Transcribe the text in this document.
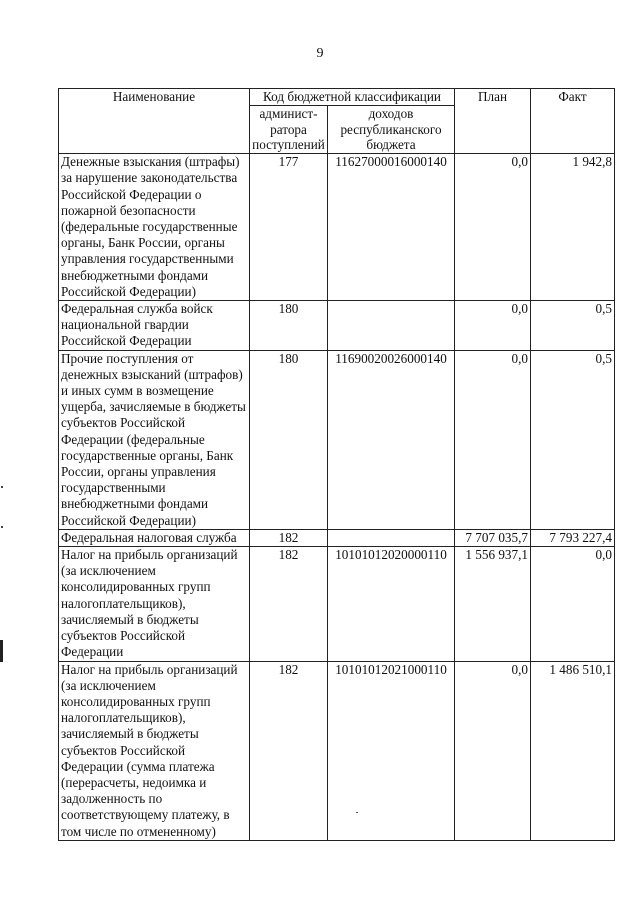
9
Наименование	Код бюджетной классификации		План	Факт
	админист-ратора поступлений	доходов республиканского бюджета		
Денежные взыскания (штрафы) за нарушение законодательства Российской Федерации о пожарной безопасности (федеральные государственные органы, Банк России, органы управления государственными внебюджетными фондами Российской Федерации)	177	11627000016000140	0,0	1 942,8
Федеральная служба войск национальной гвардии Российской Федерации	180		0,0	0,5
Прочие поступления от денежных взысканий (штрафов) и иных сумм в возмещение ущерба, зачисляемые в бюджеты субъектов Российской Федерации (федеральные государственные органы, Банк России, органы управления государственными внебюджетными фондами Российской Федерации)	180	11690020026000140	0,0	0,5
Федеральная налоговая служба	182		7 707 035,7	7 793 227,4
Налог на прибыль организаций (за исключением консолидированных групп налогоплательщиков), зачисляемый в бюджеты субъектов Российской Федерации	182	10101012020000110	1 556 937,1	0,0
Налог на прибыль организаций (за исключением консолидированных групп налогоплательщиков), зачисляемый в бюджеты субъектов Российской Федерации (сумма платежа (перерасчеты, недоимка и задолженность по соответствующему платежу, в том числе по отмененному)	182	10101012021000110	0,0	1 486 510,1
